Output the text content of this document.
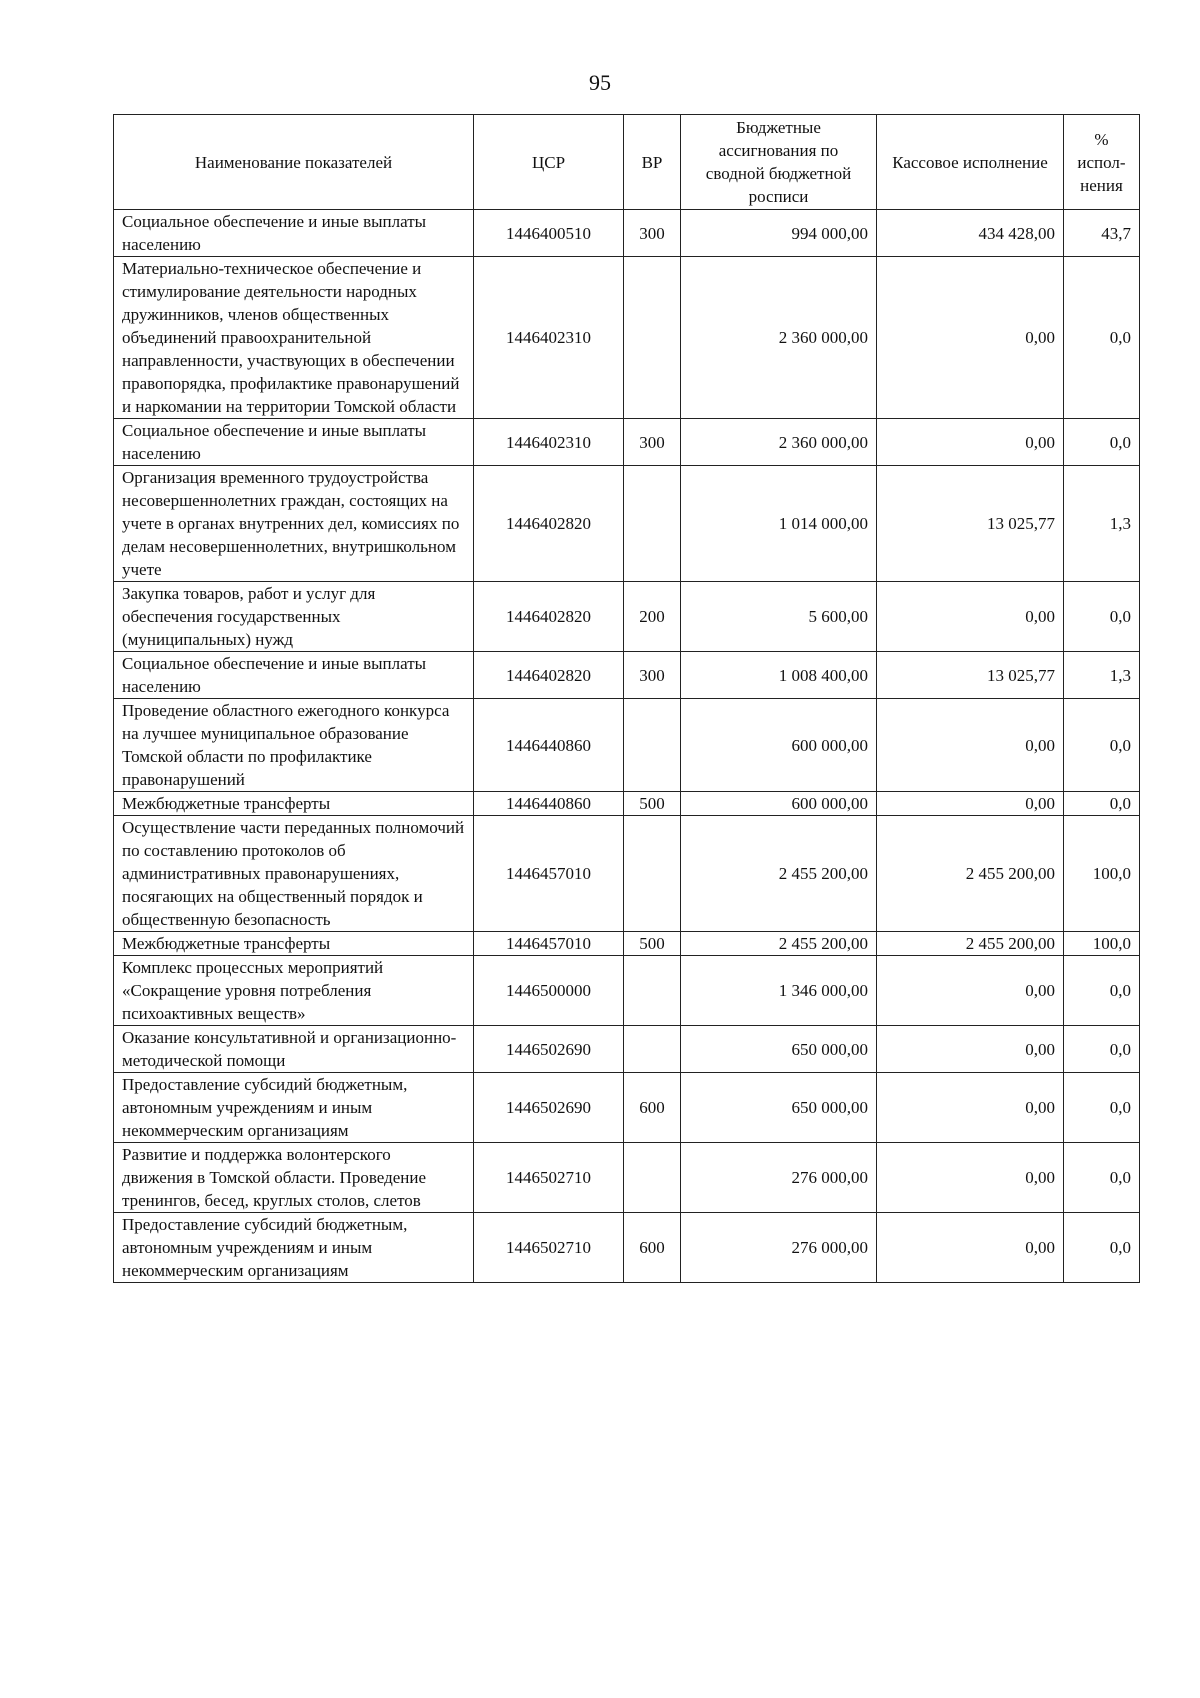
95
Наименование показателей	ЦСР	ВР	Бюджетные ассигнования по сводной бюджетной росписи	Кассовое исполнение	% испол-нения
Социальное обеспечение и иные выплаты населению	1446400510	300	994 000,00	434 428,00	43,7
Материально-техническое обеспечение и стимулирование деятельности народных дружинников, членов общественных объединений правоохранительной направленности, участвующих в обеспечении правопорядка, профилактике правонарушений и наркомании на территории Томской области	1446402310		2 360 000,00	0,00	0,0
Социальное обеспечение и иные выплаты населению	1446402310	300	2 360 000,00	0,00	0,0
Организация временного трудоустройства несовершеннолетних граждан, состоящих на учете в органах внутренних дел, комиссиях по делам несовершеннолетних, внутришкольном учете	1446402820		1 014 000,00	13 025,77	1,3
Закупка товаров, работ и услуг для обеспечения государственных (муниципальных) нужд	1446402820	200	5 600,00	0,00	0,0
Социальное обеспечение и иные выплаты населению	1446402820	300	1 008 400,00	13 025,77	1,3
Проведение областного ежегодного конкурса на лучшее муниципальное образование Томской области по профилактике правонарушений	1446440860		600 000,00	0,00	0,0
Межбюджетные трансферты	1446440860	500	600 000,00	0,00	0,0
Осуществление части переданных полномочий по составлению протоколов об административных правонарушениях, посягающих на общественный порядок и общественную безопасность	1446457010		2 455 200,00	2 455 200,00	100,0
Межбюджетные трансферты	1446457010	500	2 455 200,00	2 455 200,00	100,0
Комплекс процессных мероприятий «Сокращение уровня потребления психоактивных веществ»	1446500000		1 346 000,00	0,00	0,0
Оказание консультативной и организационно-методической помощи	1446502690		650 000,00	0,00	0,0
Предоставление субсидий бюджетным, автономным учреждениям и иным некоммерческим организациям	1446502690	600	650 000,00	0,00	0,0
Развитие и поддержка волонтерского движения в Томской области. Проведение тренингов, бесед, круглых столов, слетов	1446502710		276 000,00	0,00	0,0
Предоставление субсидий бюджетным, автономным учреждениям и иным некоммерческим организациям	1446502710	600	276 000,00	0,00	0,0
